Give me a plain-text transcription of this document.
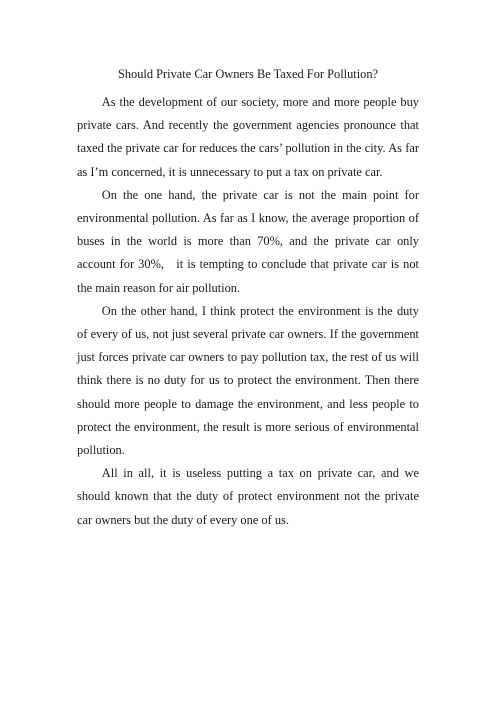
Should Private Car Owners Be Taxed For Pollution?

As the development of our society, more and more people buy private cars. And recently the government agencies pronounce that taxed the private car for reduces the cars’ pollution in the city. As far as I’m concerned, it is unnecessary to put a tax on private car.

On the one hand, the private car is not the main point for environmental pollution. As far as I know, the average proportion of buses in the world is more than 70%, and the private car only account for 30%,   it is tempting to conclude that private car is not the main reason for air pollution.

On the other hand, I think protect the environment is the duty of every of us, not just several private car owners. If the government just forces private car owners to pay pollution tax, the rest of us will think there is no duty for us to protect the environment. Then there should more people to damage the environment, and less people to protect the environment, the result is more serious of environmental pollution.

All in all, it is useless putting a tax on private car, and we should known that the duty of protect environment not the private car owners but the duty of every one of us.
